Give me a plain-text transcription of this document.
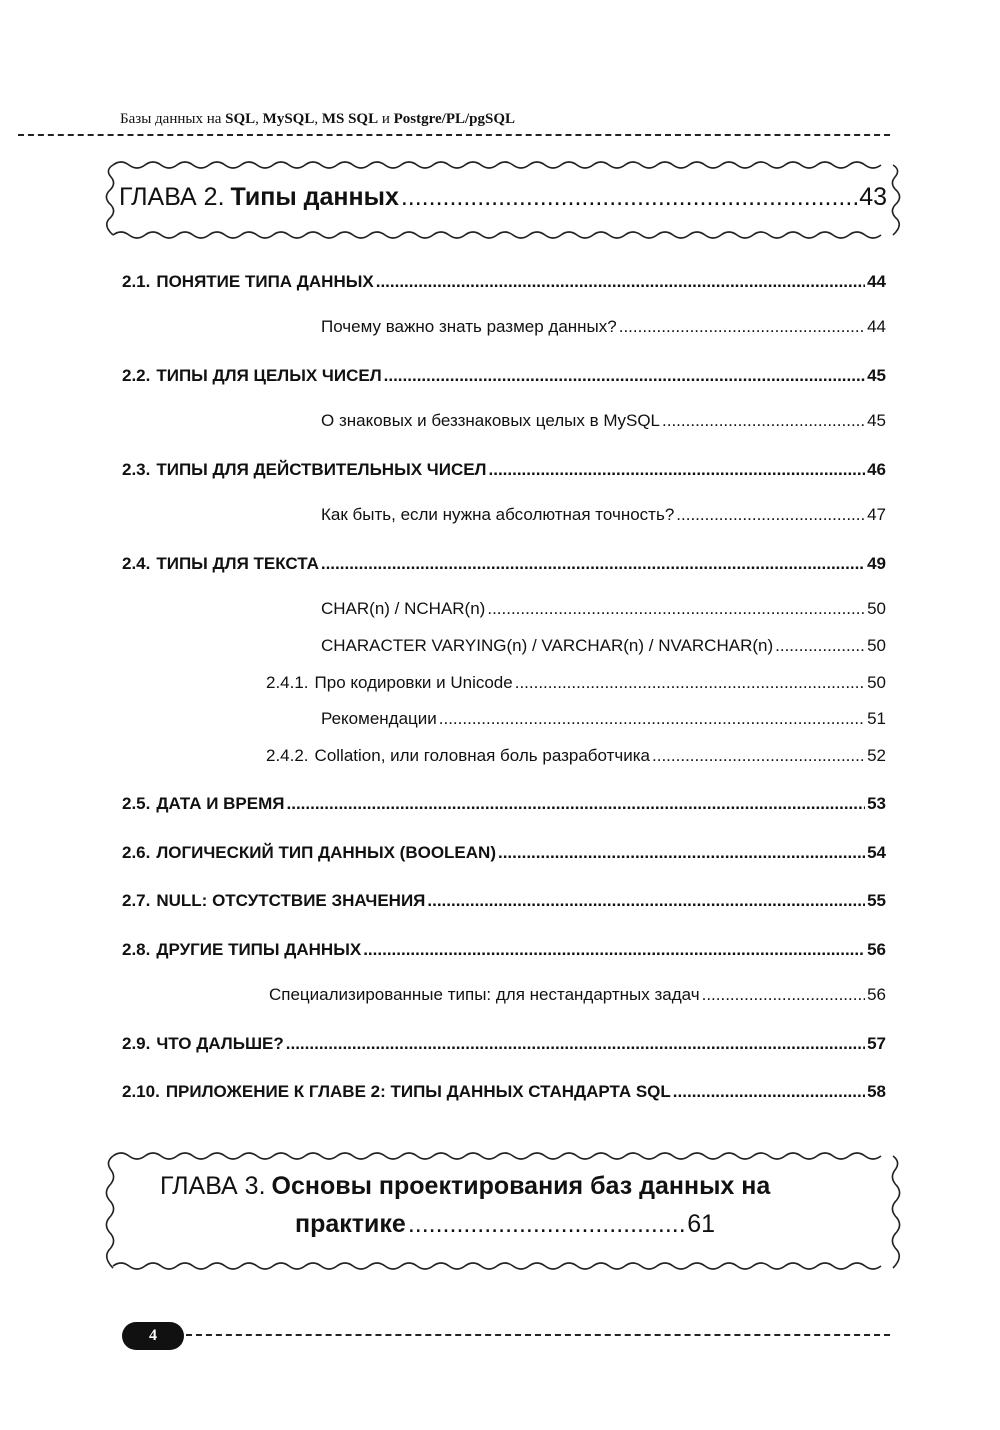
Базы данных на SQL, MySQL, MS SQL и Postgre/PL/pgSQL
ГЛАВА 2. Типы данных .....	43
2.1. ПОНЯТИЕ ТИПА ДАННЫХ .....	44
Почему важно знать размер данных? .....	44
2.2. ТИПЫ ДЛЯ ЦЕЛЫХ ЧИСЕЛ .....	45
О знаковых и беззнаковых целых в MySQL .....	45
2.3. ТИПЫ ДЛЯ ДЕЙСТВИТЕЛЬНЫХ ЧИСЕЛ .....	46
Как быть, если нужна абсолютная точность? .....	47
2.4. ТИПЫ ДЛЯ ТЕКСТА .....	49
CHAR(n) / NCHAR(n) .....	50
CHARACTER VARYING(n) / VARCHAR(n) / NVARCHAR(n) .....	50
2.4.1. Про кодировки и Unicode .....	50
Рекомендации .....	51
2.4.2. Collation, или головная боль разработчика .....	52
2.5. ДАТА И ВРЕМЯ .....	53
2.6. ЛОГИЧЕСКИЙ ТИП ДАННЫХ (BOOLEAN) .....	54
2.7. NULL: ОТСУТСТВИЕ ЗНАЧЕНИЯ .....	55
2.8. ДРУГИЕ ТИПЫ ДАННЫХ .....	56
Специализированные типы: для нестандартных задач .....	56
2.9. ЧТО ДАЛЬШЕ? .....	57
2.10. ПРИЛОЖЕНИЕ К ГЛАВЕ 2: ТИПЫ ДАННЫХ СТАНДАРТА SQL .....	58
ГЛАВА 3. Основы проектирования баз данных на
практике .....	61
4
